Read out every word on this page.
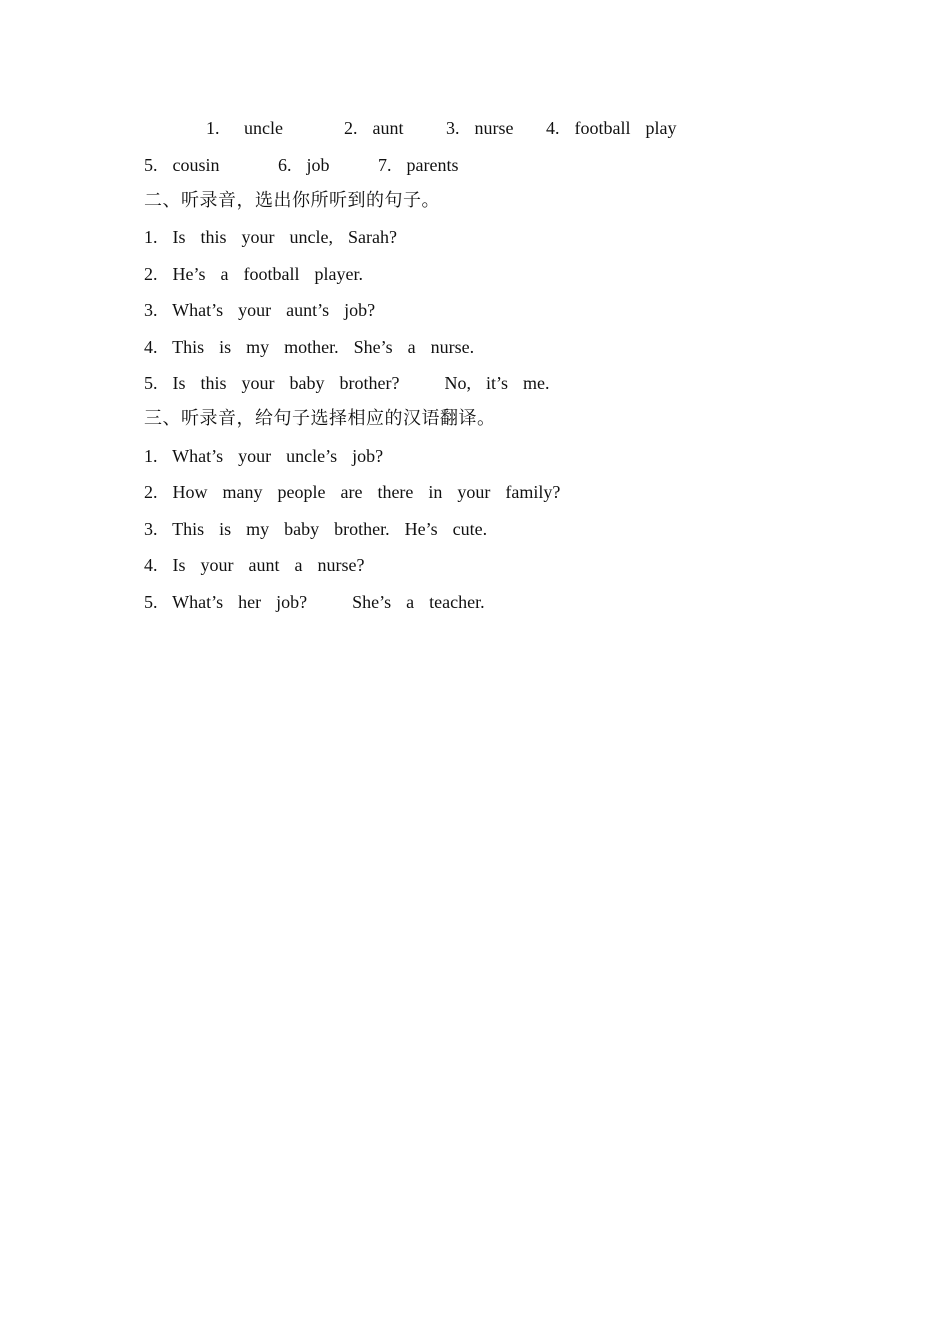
1. uncle	2.  aunt 3.  nurse 4.  football  play
5.  cousin	6.  job	7.  parents
二、听录音，选出你所听到的句子。
1.  Is  this  your  uncle,  Sarah?
2.  He’s  a  football  player.
3.  What’s  your  aunt’s  job?
4.  This  is  my  mother.  She’s  a  nurse.
5.  Is  this  your  baby  brother?      No,  it’s  me.
三、听录音，给句子选择相应的汉语翻译。
1.  What’s  your  uncle’s  job?
2.  How  many  people  are  there  in  your  family?
3.  This  is  my  baby  brother.  He’s  cute.
4.  Is  your  aunt  a  nurse?
5.  What’s  her  job?      She’s  a  teacher.
